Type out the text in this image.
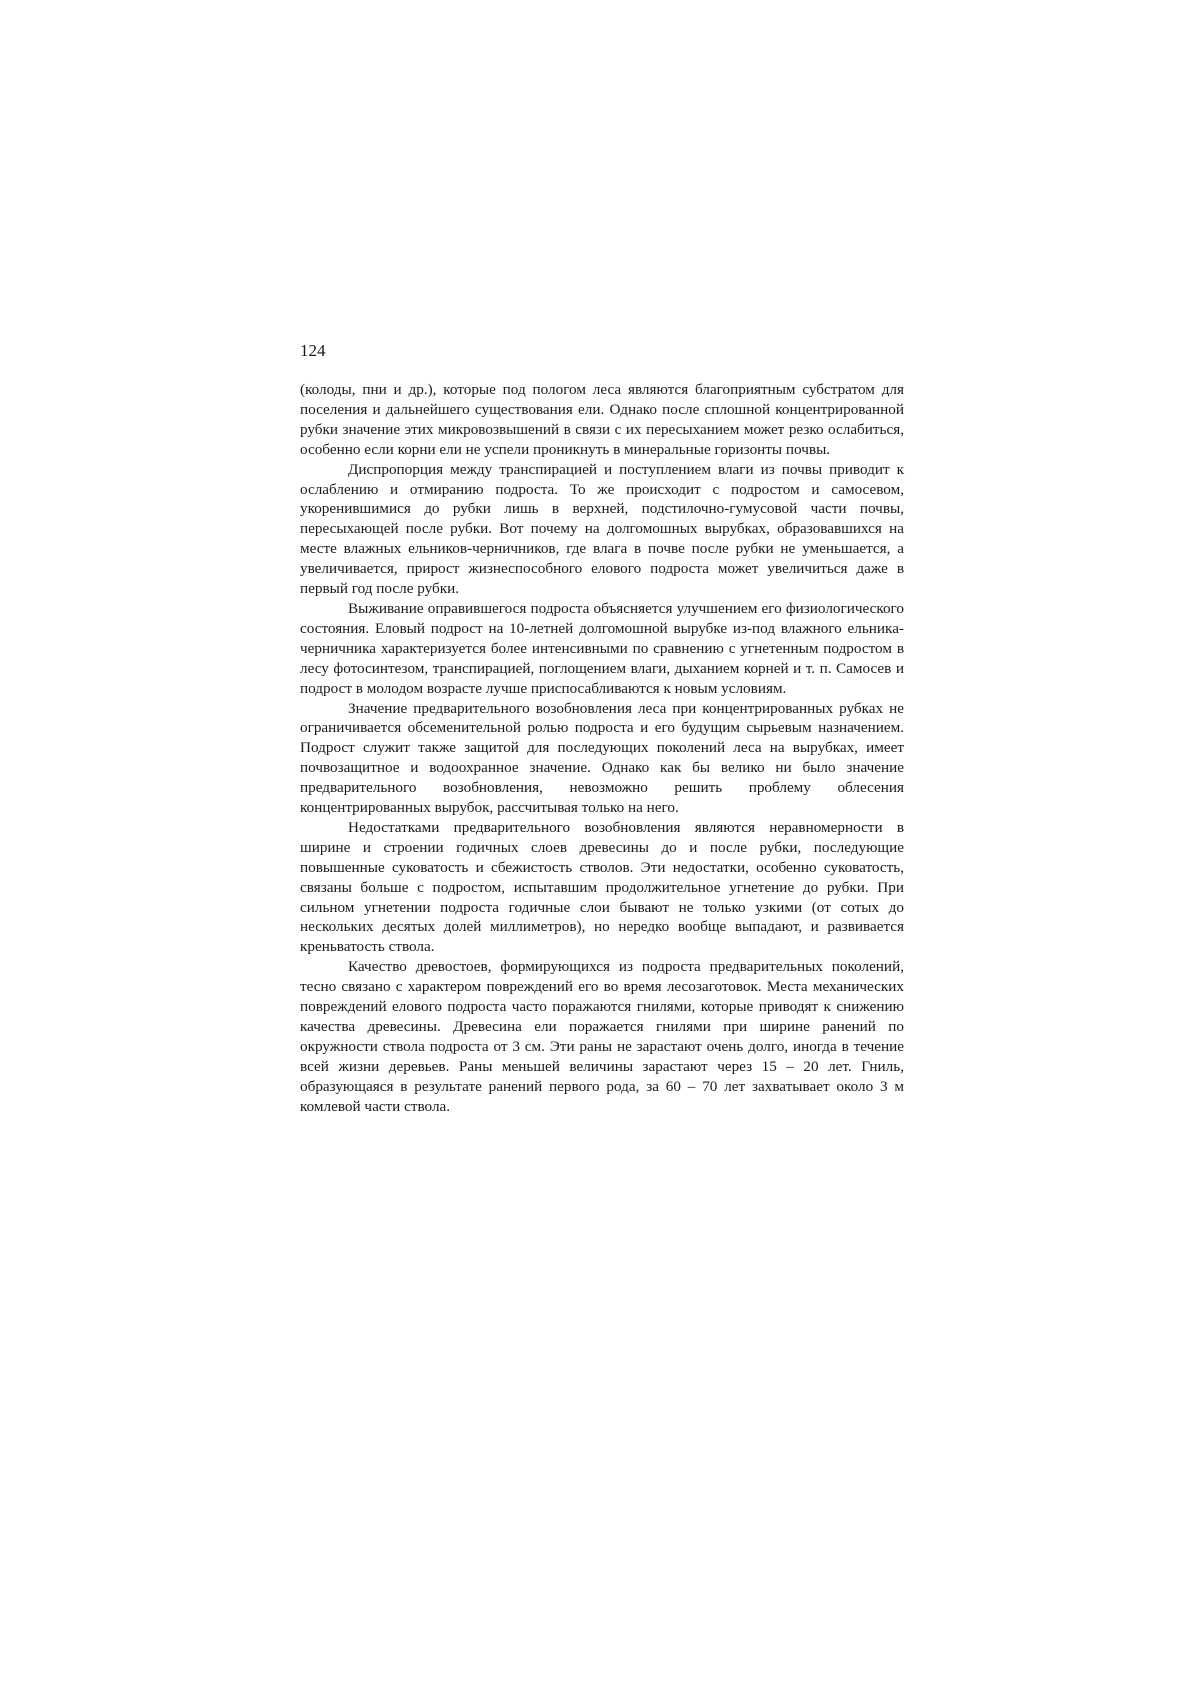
124

(колоды, пни и др.), которые под пологом леса являются благоприятным субстратом для поселения и дальнейшего существования ели. Однако после сплошной концентрированной рубки значение этих микровозвышений в связи с их пересыханием может резко ослабиться, особенно если корни ели не успели проникнуть в минеральные горизонты почвы.

Диспропорция между транспирацией и поступлением влаги из почвы приводит к ослаблению и отмиранию подроста. То же происходит с подростом и самосевом, укоренившимися до рубки лишь в верхней, подстилочно-гумусовой части почвы, пересыхающей после рубки. Вот почему на долгомошных вырубках, образовавшихся на месте влажных ельников-черничников, где влага в почве после рубки не уменьшается, а увеличивается, прирост жизнеспособного елового подроста может увеличиться даже в первый год после рубки.

Выживание оправившегося подроста объясняется улучшением его физиологического состояния. Еловый подрост на 10-летней долгомошной вырубке из-под влажного ельника-черничника характеризуется более интенсивными по сравнению с угнетенным подростом в лесу фотосинтезом, транспирацией, поглощением влаги, дыханием корней и т. п. Самосев и подрост в молодом возрасте лучше приспосабливаются к новым условиям.

Значение предварительного возобновления леса при концентрированных рубках не ограничивается обсеменительной ролью подроста и его будущим сырьевым назначением. Подрост служит также защитой для последующих поколений леса на вырубках, имеет почвозащитное и водоохранное значение. Однако как бы велико ни было значение предварительного возобновления, невозможно решить проблему облесения концентрированных вырубок, рассчитывая только на него.

Недостатками предварительного возобновления являются неравномерности в ширине и строении годичных слоев древесины до и после рубки, последующие повышенные суковатость и сбежистость стволов. Эти недостатки, особенно суковатость, связаны больше с подростом, испытавшим продолжительное угнетение до рубки. При сильном угнетении подроста годичные слои бывают не только узкими (от сотых до нескольких десятых долей миллиметров), но нередко вообще выпадают, и развивается креньватость ствола.

Качество древостоев, формирующихся из подроста предварительных поколений, тесно связано с характером повреждений его во время лесозаготовок. Места механических повреждений елового подроста часто поражаются гнилями, которые приводят к снижению качества древесины. Древесина ели поражается гнилями при ширине ранений по окружности ствола подроста от 3 см. Эти раны не зарастают очень долго, иногда в течение всей жизни деревьев. Раны меньшей величины зарастают через 15 – 20 лет. Гниль, образующаяся в результате ранений первого рода, за 60 – 70 лет захватывает около 3 м комлевой части ствола.
